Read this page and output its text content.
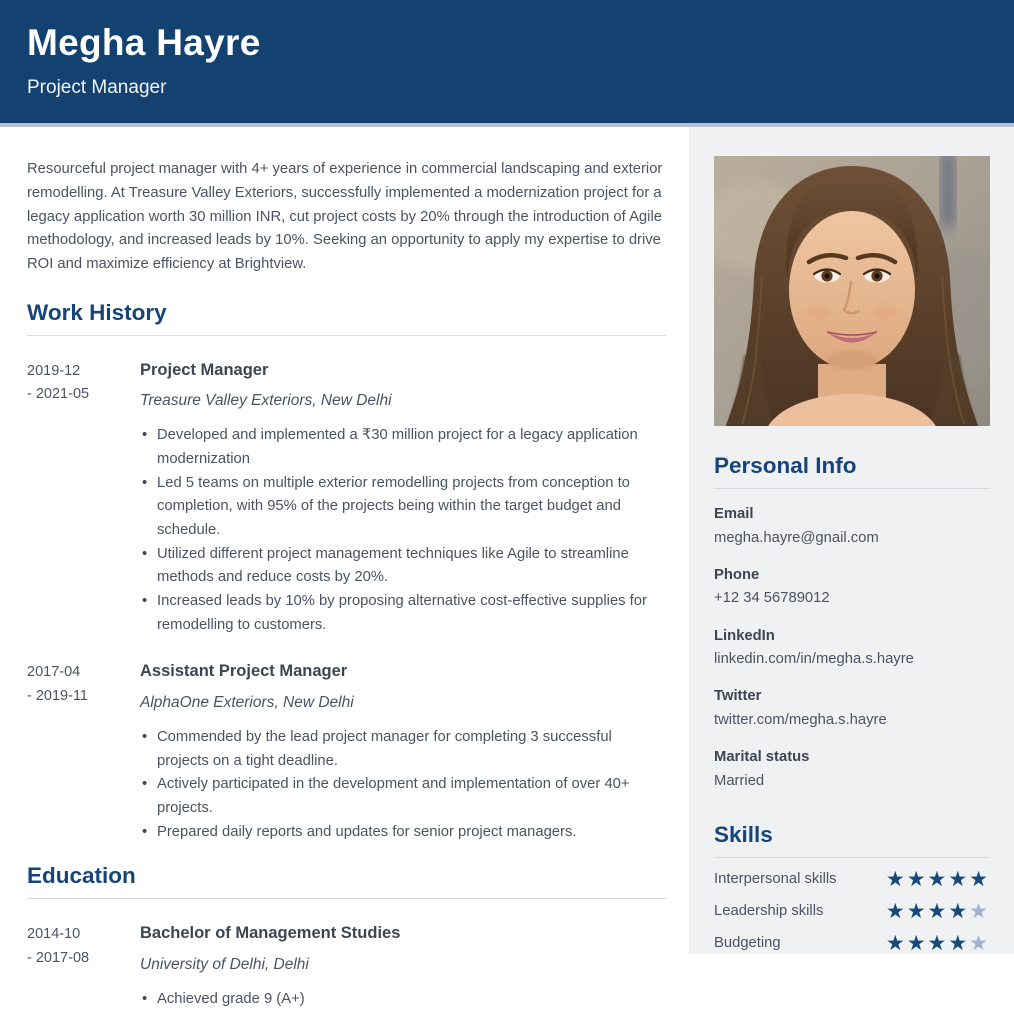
Megha Hayre
Project Manager

Resourceful project manager with 4+ years of experience in commercial landscaping and exterior remodelling. At Treasure Valley Exteriors, successfully implemented a modernization project for a legacy application worth 30 million INR, cut project costs by 20% through the introduction of Agile methodology, and increased leads by 10%. Seeking an opportunity to apply my expertise to drive ROI and maximize efficiency at Brightview.

Work History
2019-12
- 2021-05
Project Manager
Treasure Valley Exteriors, New Delhi
• Developed and implemented a ₹30 million project for a legacy application modernization
• Led 5 teams on multiple exterior remodelling projects from conception to completion, with 95% of the projects being within the target budget and schedule.
• Utilized different project management techniques like Agile to streamline methods and reduce costs by 20%.
• Increased leads by 10% by proposing alternative cost-effective supplies for remodelling to customers.
2017-04
- 2019-11
Assistant Project Manager
AlphaOne Exteriors, New Delhi
• Commended by the lead project manager for completing 3 successful projects on a tight deadline.
• Actively participated in the development and implementation of over 40+ projects.
• Prepared daily reports and updates for senior project managers.
Education
2014-10
- 2017-08
Bachelor of Management Studies
University of Delhi, Delhi
• Achieved grade 9 (A+)
Personal Info
Email
megha.hayre@gnail.com
Phone
+12 34 56789012
LinkedIn
linkedin.com/in/megha.s.hayre
Twitter
twitter.com/megha.s.hayre
Marital status
Married
Skills
Interpersonal skills ★★★★★
Leadership skills	★★★★★
Budgeting	★★★★★
